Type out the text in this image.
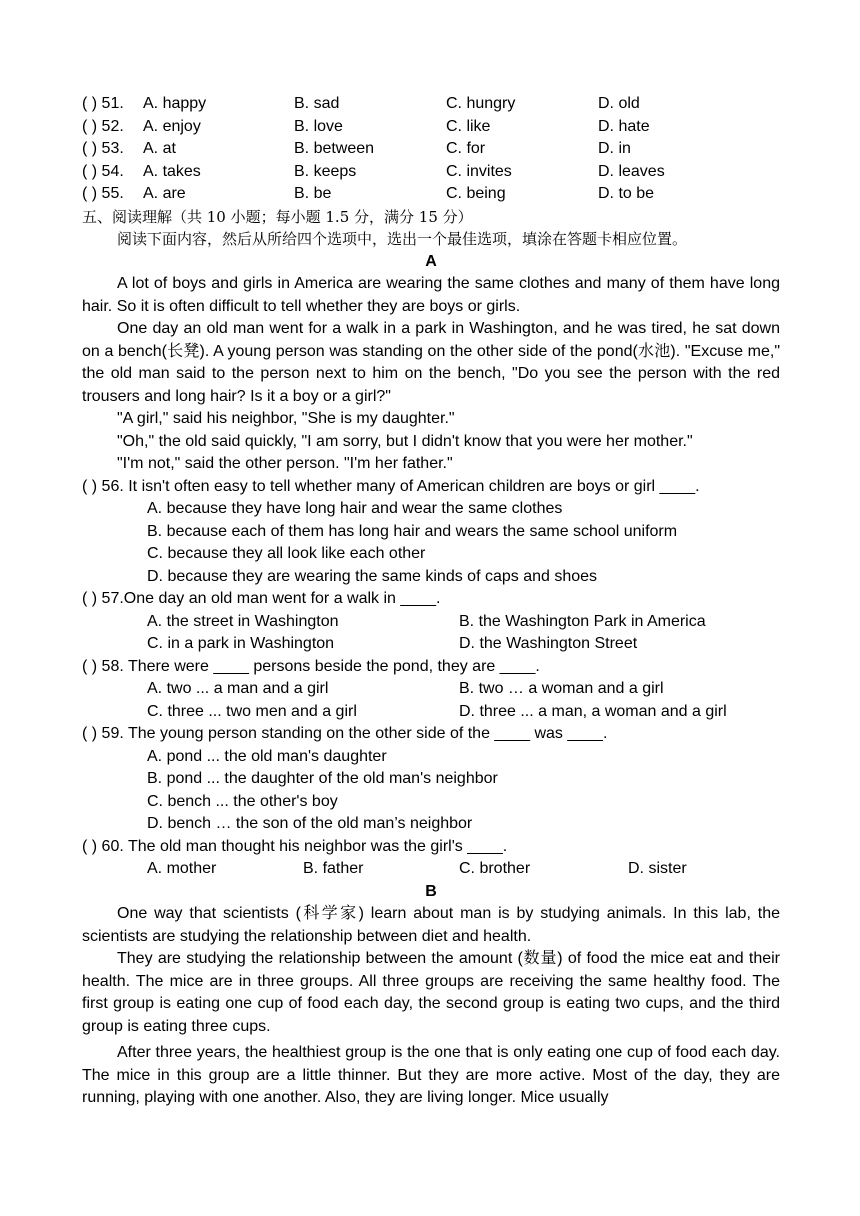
( ) 51. A. happy	B. sad	C. hungry	D. old
( ) 52. A. enjoy	B. love	C. like	D. hate
( ) 53. A. at	B. between	C. for	D. in
( ) 54. A. takes	B. keeps	C. invites	D. leaves
( ) 55. A. are	B. be	C. being	D. to be
五、阅读理解（共 10 小题；每小题 1.5 分，满分 15 分）
阅读下面内容，然后从所给四个选项中，选出一个最佳选项，填涂在答题卡相应位置。
A
A lot of boys and girls in America are wearing the same clothes and many of them have long hair. So it is often difficult to tell whether they are boys or girls.
One day an old man went for a walk in a park in Washington, and he was tired, he sat down on a bench(长凳). A young person was standing on the other side of the pond(水池). "Excuse me," the old man said to the person next to him on the bench, "Do you see the person with the red trousers and long hair? Is it a boy or a girl?"
"A girl," said his neighbor, "She is my daughter."
"Oh," the old said quickly, "I am sorry, but I didn't know that you were her mother."
"I'm not," said the other person. "I'm her father."
( ) 56. It isn't often easy to tell whether many of American children are boys or girl ____.
A. because they have long hair and wear the same clothes
B. because each of them has long hair and wears the same school uniform
C. because they all look like each other
D. because they are wearing the same kinds of caps and shoes
( ) 57.One day an old man went for a walk in ____.
A. the street in Washington	B. the Washington Park in America
C. in a park in Washington	D. the Washington Street
( ) 58. There were ____ persons beside the pond, they are ____.
A. two ... a man and a girl	B. two … a woman and a girl
C. three ... two men and a girl	D. three ... a man, a woman and a girl
( ) 59. The young person standing on the other side of the ____ was ____.
A. pond ... the old man's daughter
B. pond ... the daughter of the old man's neighbor
C. bench ... the other's boy
D. bench … the son of the old man’s neighbor
( ) 60. The old man thought his neighbor was the girl's ____.
A. mother	B. father	C. brother	D. sister
B
One way that scientists (科学家) learn about man is by studying animals. In this lab, the scientists are studying the relationship between diet and health.
They are studying the relationship between the amount (数量) of food the mice eat and their health. The mice are in three groups. All three groups are receiving the same healthy food. The first group is eating one cup of food each day, the second group is eating two cups, and the third group is eating three cups.
After three years, the healthiest group is the one that is only eating one cup of food each day. The mice in this group are a little thinner. But they are more active. Most of the day, they are running, playing with one another. Also, they are living longer. Mice usually
